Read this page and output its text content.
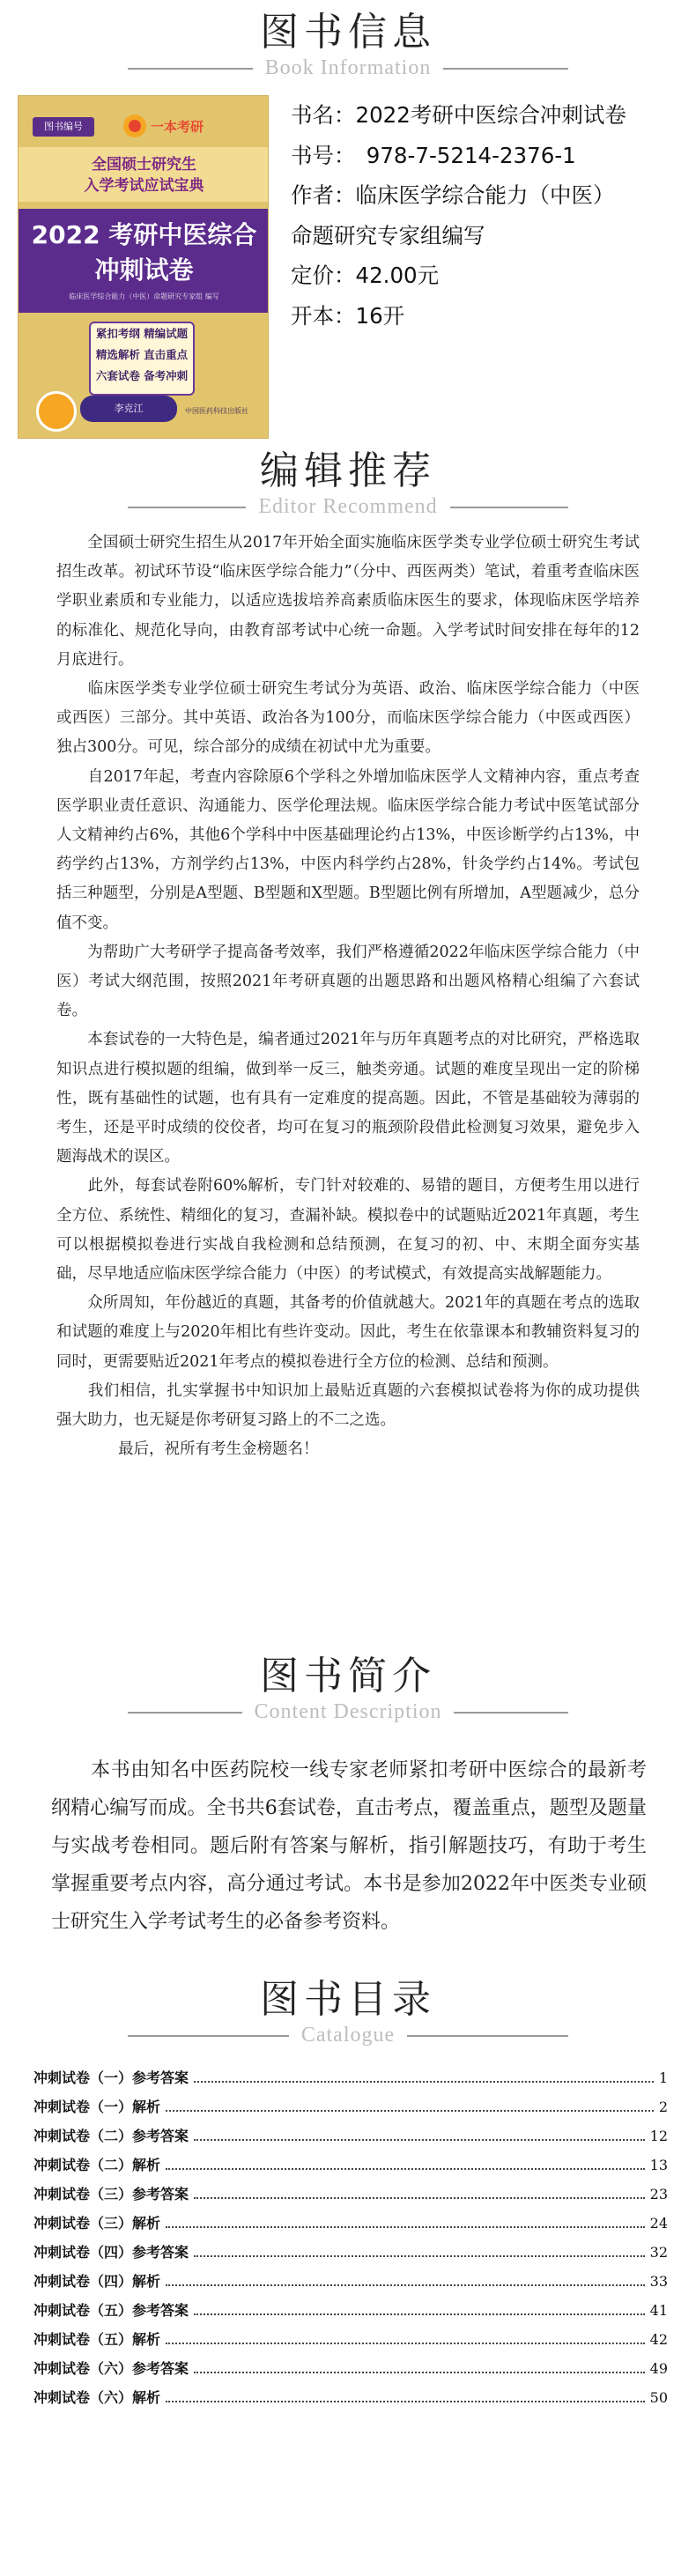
图书信息
Book Information
图书编号	一本考研
全国硕士研究生
入学考试应试宝典
2022 考研中医综合
冲刺试卷
临床医学综合能力（中医）命题研究专家组 编写
紧扣考纲 精编试题
精选解析 直击重点
六套试卷 备考冲刺
李克江	中国医药科技出版社
书名：2022考研中医综合冲刺试卷
书号：　978-7-5214-2376-1
作者：临床医学综合能力（中医）
命题研究专家组编写
定价：42.00元
开本：16开
编辑推荐
Editor Recommend

　　全国硕士研究生招生从2017年开始全面实施临床医学类专业学位硕士研究生考试招生改革。初试环节设“临床医学综合能力”（分中、西医两类）笔试，着重考查临床医学职业素质和专业能力，以适应选拔培养高素质临床医生的要求，体现临床医学培养的标准化、规范化导向，由教育部考试中心统一命题。入学考试时间安排在每年的12月底进行。

　　临床医学类专业学位硕士研究生考试分为英语、政治、临床医学综合能力（中医或西医）三部分。其中英语、政治各为100分，而临床医学综合能力（中医或西医）独占300分。可见，综合部分的成绩在初试中尤为重要。

　　自2017年起，考查内容除原6个学科之外增加临床医学人文精神内容，重点考查医学职业责任意识、沟通能力、医学伦理法规。临床医学综合能力考试中医笔试部分人文精神约占6%，其他6个学科中中医基础理论约占13%，中医诊断学约占13%，中药学约占13%，方剂学约占13%，中医内科学约占28%，针灸学约占14%。考试包括三种题型，分别是A型题、B型题和X型题。B型题比例有所增加，A型题减少，总分值不变。

　　为帮助广大考研学子提高备考效率，我们严格遵循2022年临床医学综合能力（中医）考试大纲范围，按照2021年考研真题的出题思路和出题风格精心组编了六套试卷。

　　本套试卷的一大特色是，编者通过2021年与历年真题考点的对比研究，严格选取知识点进行模拟题的组编，做到举一反三，触类旁通。试题的难度呈现出一定的阶梯性，既有基础性的试题，也有具有一定难度的提高题。因此，不管是基础较为薄弱的考生，还是平时成绩的佼佼者，均可在复习的瓶颈阶段借此检测复习效果，避免步入题海战术的误区。

　　此外，每套试卷附60%解析，专门针对较难的、易错的题目，方便考生用以进行全方位、系统性、精细化的复习，查漏补缺。模拟卷中的试题贴近2021年真题，考生可以根据模拟卷进行实战自我检测和总结预测，在复习的初、中、末期全面夯实基础，尽早地适应临床医学综合能力（中医）的考试模式，有效提高实战解题能力。

　　众所周知，年份越近的真题，其备考的价值就越大。2021年的真题在考点的选取和试题的难度上与2020年相比有些许变动。因此，考生在依靠课本和教辅资料复习的同时，更需要贴近2021年考点的模拟卷进行全方位的检测、总结和预测。

　　我们相信，扎实掌握书中知识加上最贴近真题的六套模拟试卷将为你的成功提供强大助力，也无疑是你考研复习路上的不二之选。

　　　　最后，祝所有考生金榜题名！

图书简介
Content Description

　　本书由知名中医药院校一线专家老师紧扣考研中医综合的最新考纲精心编写而成。全书共6套试卷，直击考点，覆盖重点，题型及题量与实战考卷相同。题后附有答案与解析，指引解题技巧，有助于考生掌握重要考点内容，高分通过考试。本书是参加2022年中医类专业硕士研究生入学考试考生的必备参考资料。

图书目录
Catalogue
冲刺试卷（一）参考答案	1
冲刺试卷（一）解析	2
冲刺试卷（二）参考答案	12
冲刺试卷（二）解析	13
冲刺试卷（三）参考答案	23
冲刺试卷（三）解析	24
冲刺试卷（四）参考答案	32
冲刺试卷（四）解析	33
冲刺试卷（五）参考答案	41
冲刺试卷（五）解析	42
冲刺试卷（六）参考答案	49
冲刺试卷（六）解析	50
